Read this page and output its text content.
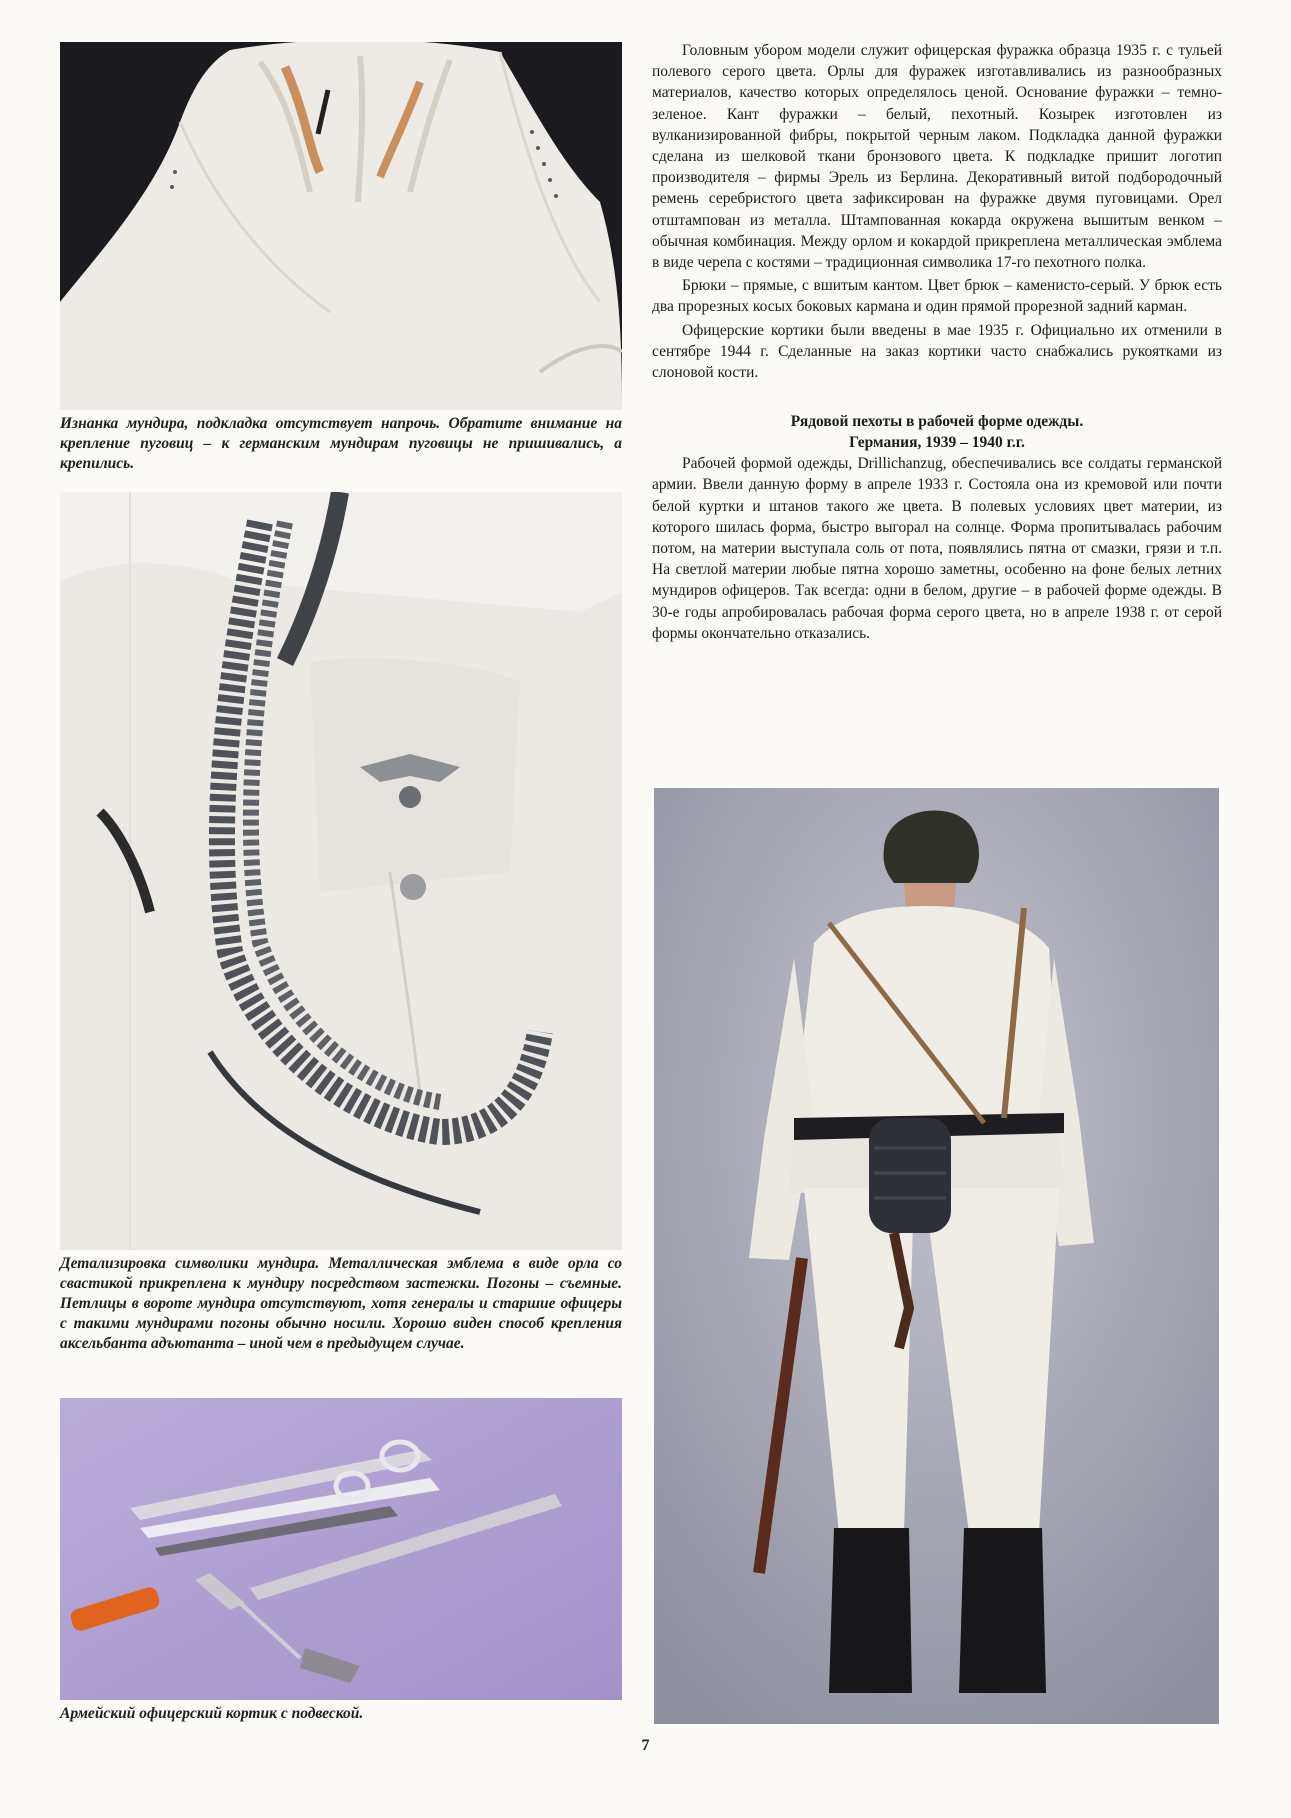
Изнанка мундира, подкладка отсутствует напрочь. Обратите внимание на крепление пуговиц – к германским мундирам пуговицы не пришивались, а крепились.
Детализировка символики мундира. Металлическая эмблема в виде орла со свастикой прикреплена к мундиру посредством застежки. Погоны – съемные. Петлицы в вороте мундира отсутствуют, хотя генералы и старшие офицеры с такими мундирами погоны обычно носили. Хорошо виден способ крепления аксельбанта адъютанта – иной чем в предыдущем случае.
Армейский офицерский кортик с подвеской.

Головным убором модели служит офицерская фуражка образца 1935 г. с тульей полевого серого цвета. Орлы для фуражек изготавливались из разнообразных материалов, качество которых определялось ценой. Основание фуражки – темно-зеленое. Кант фуражки – белый, пехотный. Козырек изготовлен из вулканизированной фибры, покрытой черным лаком. Подкладка данной фуражки сделана из шелковой ткани бронзового цвета. К подкладке пришит логотип производителя – фирмы Эрель из Берлина. Декоративный витой подбородочный ремень серебристого цвета зафиксирован на фуражке двумя пуговицами. Орел отштампован из металла. Штампованная кокарда окружена вышитым венком – обычная комбинация. Между орлом и кокардой прикреплена металлическая эмблема в виде черепа с костями – традиционная символика 17-го пехотного полка.

Брюки – прямые, с вшитым кантом. Цвет брюк – каменисто-серый. У брюк есть два прорезных косых боковых кармана и один прямой прорезной задний карман.

Офицерские кортики были введены в мае 1935 г. Официально их отменили в сентябре 1944 г. Сделанные на заказ кортики часто снабжались рукоятками из слоновой кости.

Рядовой пехоты в рабочей форме одежды.
Германия, 1939 – 1940 г.г.

Рабочей формой одежды, Drillichanzug, обеспечивались все солдаты германской армии. Ввели данную форму в апреле 1933 г. Состояла она из кремовой или почти белой куртки и штанов такого же цвета. В полевых условиях цвет материи, из которого шилась форма, быстро выгорал на солнце. Форма пропитывалась рабочим потом, на материи выступала соль от пота, появлялись пятна от смазки, грязи и т.п. На светлой материи любые пятна хорошо заметны, особенно на фоне белых летних мундиров офицеров. Так всегда: одни в белом, другие – в рабочей форме одежды. В 30-е годы апробировалась рабочая форма серого цвета, но в апреле 1938 г. от серой формы окончательно отказались.

7
